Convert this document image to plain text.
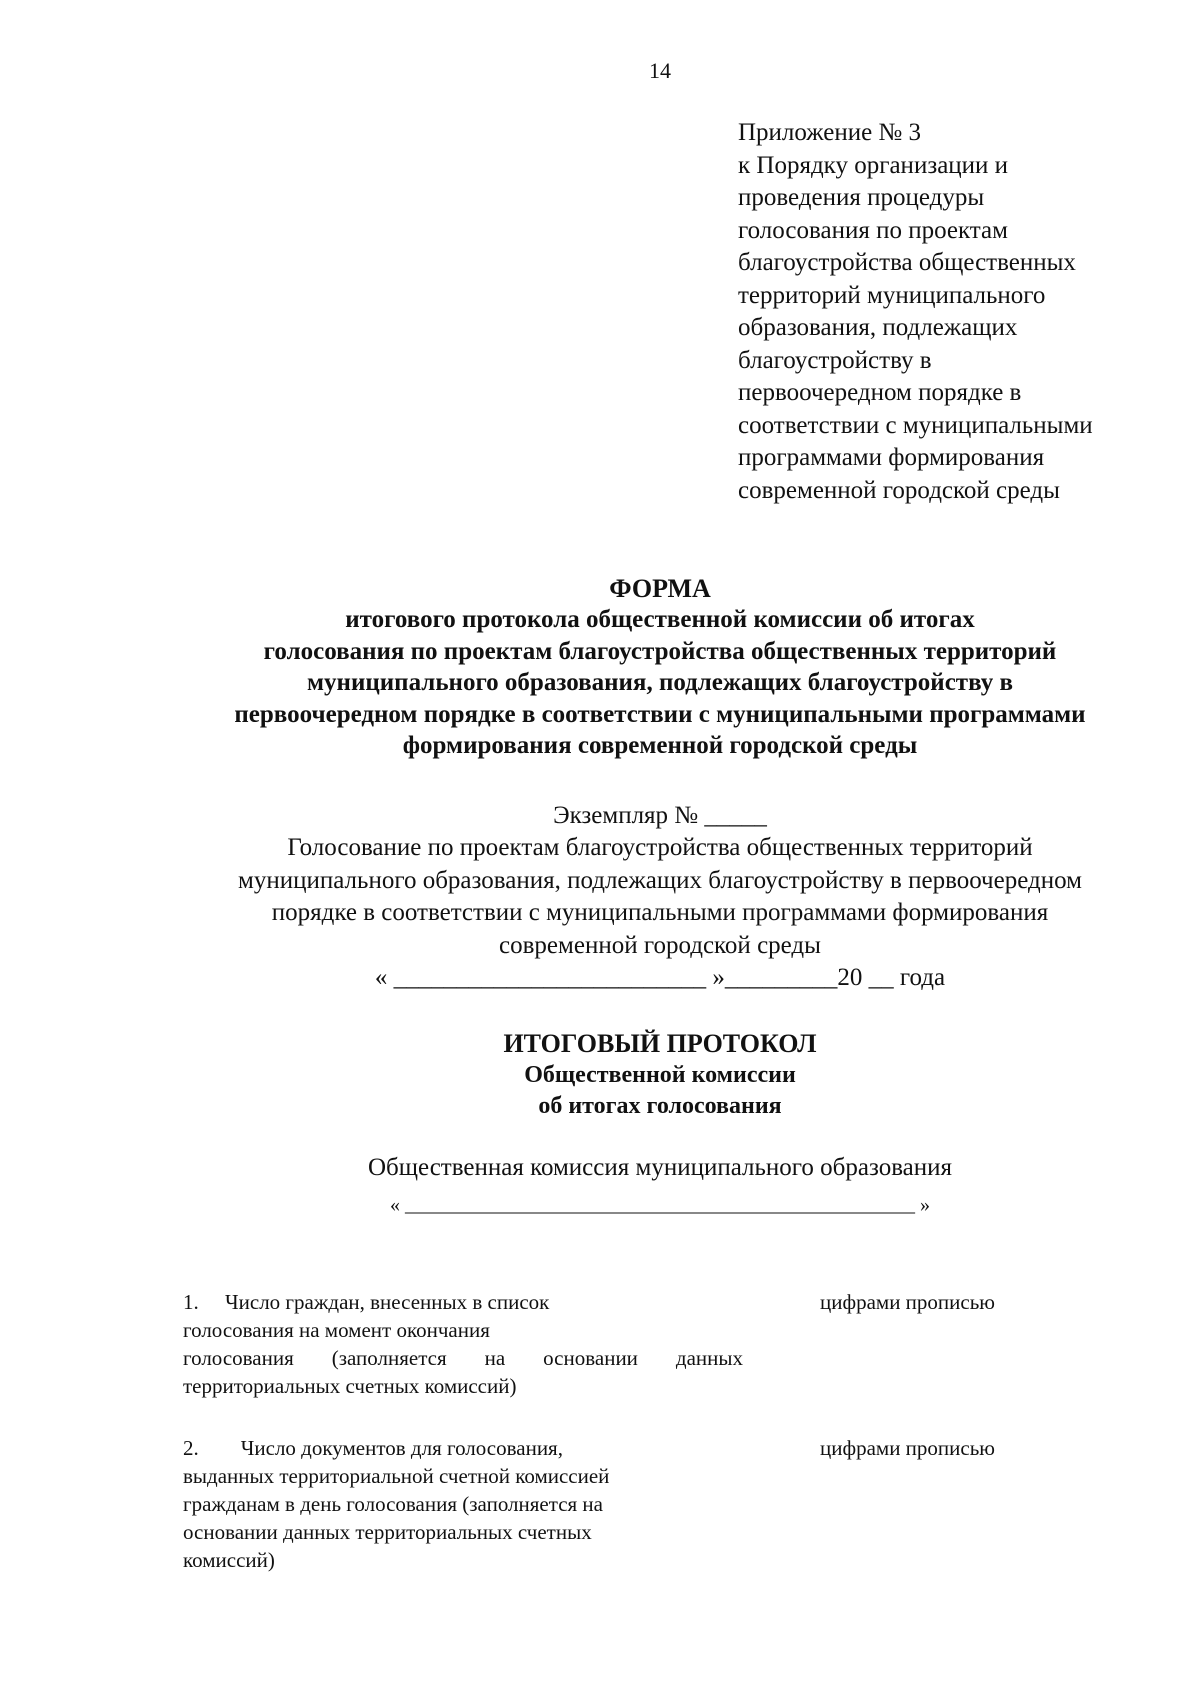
14
Приложение № 3
к Порядку организации и
проведения процедуры
голосования по проектам
благоустройства общественных
территорий муниципального
образования, подлежащих
благоустройству в
первоочередном порядке в
соответствии с муниципальными
программами формирования
современной городской среды
ФОРМА
итогового протокола общественной комиссии об итогах
голосования по проектам благоустройства общественных территорий
муниципального образования, подлежащих благоустройству в
первоочередном порядке в соответствии с муниципальными программами
формирования современной городской среды
Экземпляр № _____
Голосование по проектам благоустройства общественных территорий
муниципального образования, подлежащих благоустройству в первоочередном
порядке в соответствии с муниципальными программами формирования
современной городской среды
« _________________________ »_________20 __ года
ИТОГОВЫЙ ПРОТОКОЛ
Общественной комиссии
об итогах голосования
Общественная комиссия муниципального образования
« ___________________________________________________ »
1. Число граждан, внесенных в список
голосования на момент окончания
голосования (заполняется на основании данных
территориальных счетных комиссий)
цифрами прописью
2. Число документов для голосования,
выданных территориальной счетной комиссией
гражданам в день голосования (заполняется на
основании данных территориальных счетных
комиссий)
цифрами прописью
